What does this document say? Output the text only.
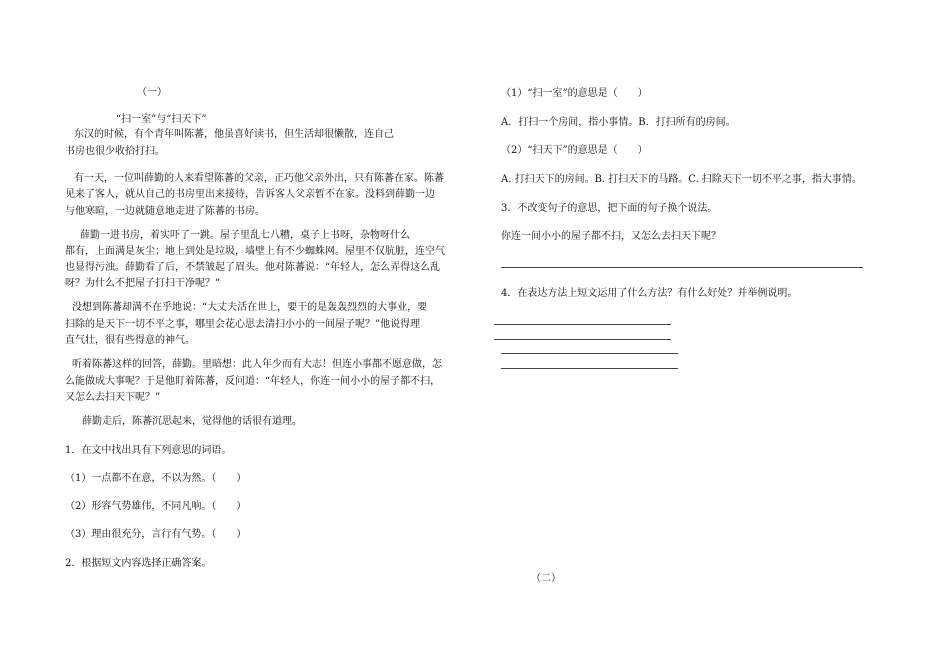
（一）
“扫一室”与“扫天下”
东汉的时候，有个青年叫陈蕃，他虽喜好读书，但生活却很懒散，连自己
书房也很少收拾打扫。
有一天，一位叫薛勤的人来看望陈蕃的父亲，正巧他父亲外出，只有陈蕃在家。陈蕃
见来了客人，就从自己的书房里出来接待，告诉客人父亲暂不在家。没料到薛勤一边
与他寒暄，一边就随意地走进了陈蕃的书房。
薛勤一进书房，着实吓了一跳。屋子里乱七八糟，桌子上书呀，杂物呀什么
都有，上面满是灰尘；地上到处是垃圾，墙壁上有不少蜘蛛网。屋里不仅肮脏，连空气
也显得污浊。薛勤看了后，不禁皱起了眉头。他对陈蕃说：“年轻人，怎么弄得这么乱
呀？为什么不把屋子打扫干净呢？”
没想到陈蕃却满不在乎地说：“大丈夫活在世上，要干的是轰轰烈烈的大事业，要
扫除的是天下一切不平之事，哪里会花心思去清扫小小的一间屋子呢？”他说得理
直气壮，很有些得意的神气。
听着陈蕃这样的回答，薛勤。里暗想：此人年少而有大志！但连小事都不愿意做，怎
么能做成大事呢？于是他盯着陈蕃，反问道：“年轻人，你连一间小小的屋子都不扫，
又怎么去扫天下呢？”
薛勤走后，陈蕃沉思起来，觉得他的话很有道理。
1．在文中找出具有下列意思的词语。
（1）一点都不在意，不以为然。（　　）
（2）形容气势雄伟，不同凡响。（　　）
（3）理由很充分，言行有气势。（　　）
2．根据短文内容选择正确答案。
（1）“扫一室”的意思是（　　）
A．打扫一个房间，指小事情。B．打扫所有的房间。
（2）“扫天下”的意思是（　　）
A. 打扫天下的房间。B. 打扫天下的马路。C. 扫除天下一切不平之事，指大事情。
3．不改变句子的意思，把下面的句子换个说法。
你连一间小小的屋子都不扫，又怎么去扫天下呢？
4．在表达方法上短文运用了什么方法？有什么好处？并举例说明。
（二）
